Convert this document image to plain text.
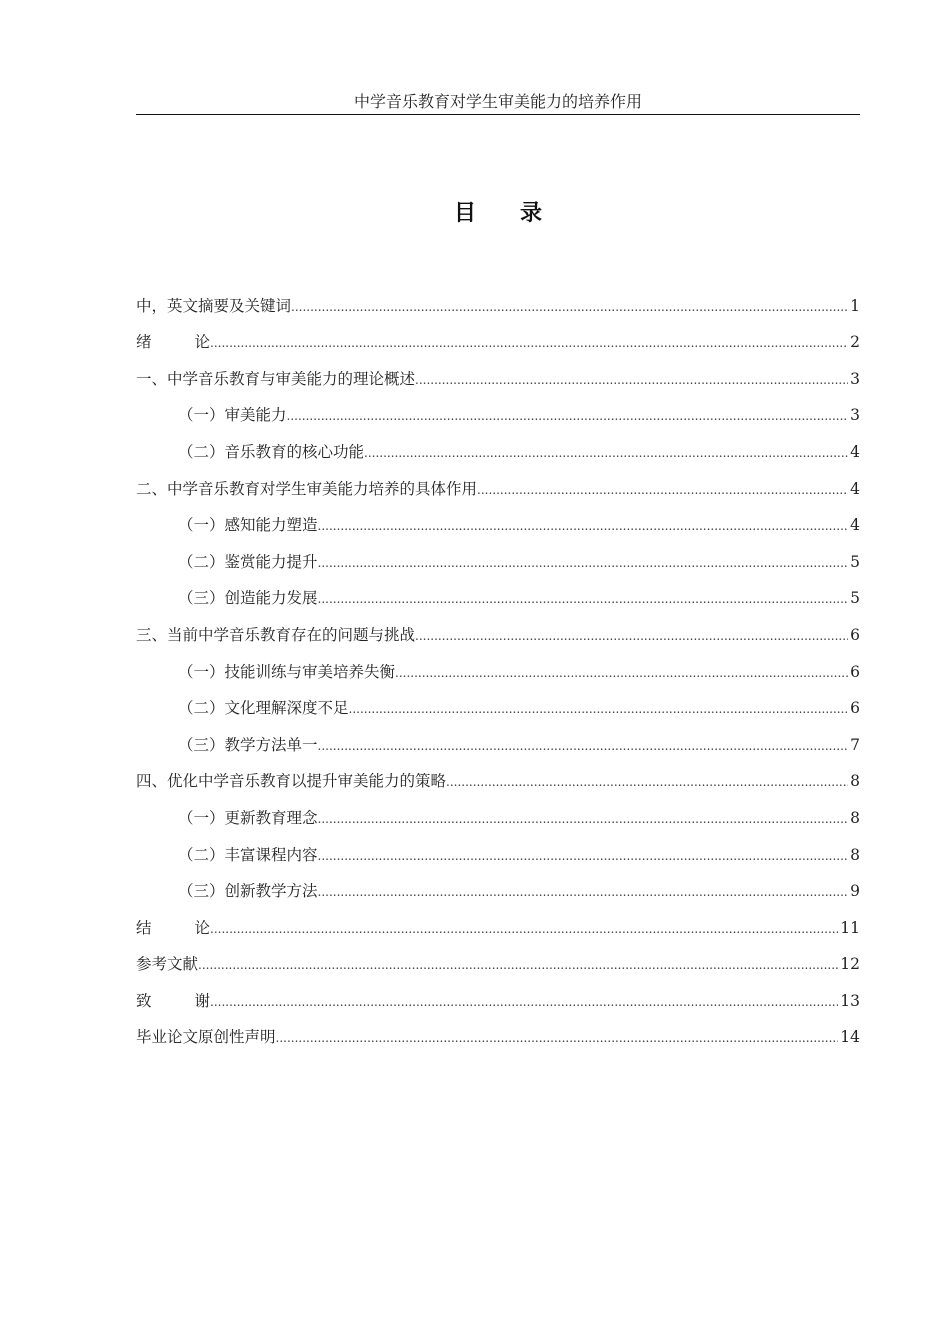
中学音乐教育对学生审美能力的培养作用
目 录
中，英文摘要及关键词 .....	1
绪	论 .....	2
一、中学音乐教育与审美能力的理论概述 .....	3
（一）审美能力 .....	3
（二）音乐教育的核心功能 .....	4
二、中学音乐教育对学生审美能力培养的具体作用 .....	4
（一）感知能力塑造 .....	4
（二）鉴赏能力提升 .....	5
（三）创造能力发展 .....	5
三、当前中学音乐教育存在的问题与挑战 .....	6
（一）技能训练与审美培养失衡 .....	6
（二）文化理解深度不足 .....	6
（三）教学方法单一 .....	7
四、优化中学音乐教育以提升审美能力的策略 .....	8
（一）更新教育理念 .....	8
（二）丰富课程内容 .....	8
（三）创新教学方法 .....	9
结	论 .....	11
参考文献 .....	12
致	谢 .....	13
毕业论文原创性声明 .....	14
